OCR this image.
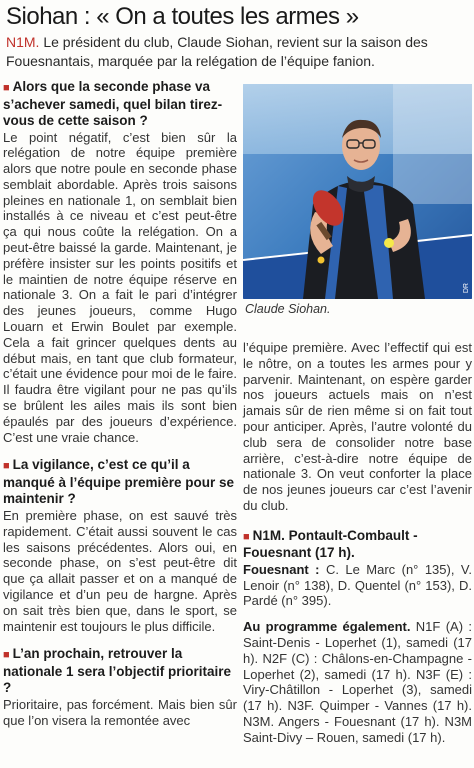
Siohan : « On a toutes les armes »
N1M. Le président du club, Claude Siohan, revient sur la saison des Fouesnantais, marquée par la relégation de l’équipe fanion.
■ Alors que la seconde phase va s’achever samedi, quel bilan tirez-vous de cette saison ?

Le point négatif, c’est bien sûr la relégation de notre équipe première alors que notre poule en seconde phase semblait abordable. Après trois saisons pleines en nationale 1, on semblait bien installés à ce niveau et c’est peut-être ça qui nous coûte la relégation. On a peut-être baissé la garde. Maintenant, je préfère insister sur les points positifs et le maintien de notre équipe réserve en nationale 3. On a fait le pari d’intégrer des jeunes joueurs, comme Hugo Louarn et Erwin Boulet par exemple. Cela a fait grincer quelques dents au début mais, en tant que club formateur, c’était une évidence pour moi de le faire. Il faudra être vigilant pour ne pas qu’ils se brûlent les ailes mais ils sont bien épaulés par des joueurs d’expérience. C’est une vraie chance.

■ La vigilance, c’est ce qu’il a manqué à l’équipe première pour se maintenir ?

En première phase, on est sauvé très rapidement. C’était aussi souvent le cas les saisons précédentes. Alors oui, en seconde phase, on s’est peut-être dit que ça allait passer et on a manqué de vigilance et d’un peu de hargne. Après on sait très bien que, dans le sport, se maintenir est toujours le plus difficile.

■ L’an prochain, retrouver la nationale 1 sera l’objectif prioritaire ?

Prioritaire, pas forcément. Mais bien sûr que l’on visera la remontée avec

DR
Claude Siohan.

l’équipe première. Avec l’effectif qui est le nôtre, on a toutes les armes pour y parvenir. Maintenant, on espère garder nos joueurs actuels mais on n’est jamais sûr de rien même si on fait tout pour anticiper. Après, l’autre volonté du club sera de consolider notre base arrière, c’est-à-dire notre équipe de nationale 3. On veut conforter la place de nos jeunes joueurs car c’est l’avenir du club.

■ N1M. Pontault-Combault - Fouesnant (17 h).

Fouesnant : C. Le Marc (n° 135), V. Lenoir (n° 138), D. Quentel (n° 153), D. Pardé (n° 395).

Au programme également. N1F (A) : Saint-Denis - Loperhet (1), samedi (17 h). N2F (C) : Châlons-en-Champagne - Loperhet (2), samedi (17 h). N3F (E) : Viry-Châtillon - Loperhet (3), samedi (17 h). N3F. Quimper - Vannes (17 h). N3M. Angers - Fouesnant (17 h). N3M Saint-Divy – Rouen, samedi (17 h).
